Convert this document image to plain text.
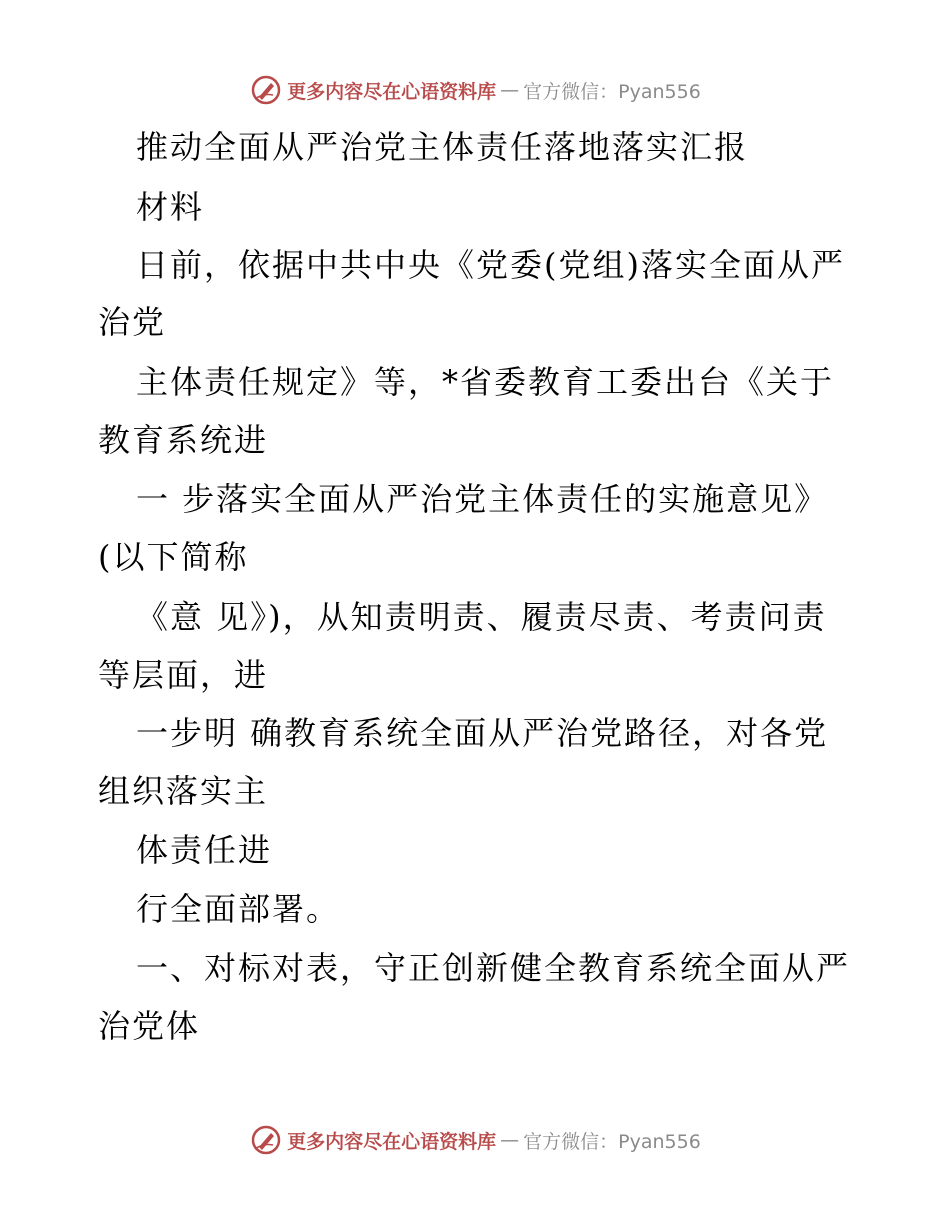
更多内容尽在心语资料库 — 官方微信：Pyan556
推动全面从严治党主体责任落地落实汇报
材料
日前，依据中共中央《党委(党组)落实全面从严
治党
主体责任规定》等，*省委教育工委出台《关于
教育系统进
一 步落实全面从严治党主体责任的实施意见》
(以下简称
《意 见》)，从知责明责、履责尽责、考责问责
等层面，进
一步明 确教育系统全面从严治党路径，对各党
组织落实主
体责任进
行全面部署。
一、对标对表，守正创新健全教育系统全面从严
治党体
更多内容尽在心语资料库 — 官方微信：Pyan556
